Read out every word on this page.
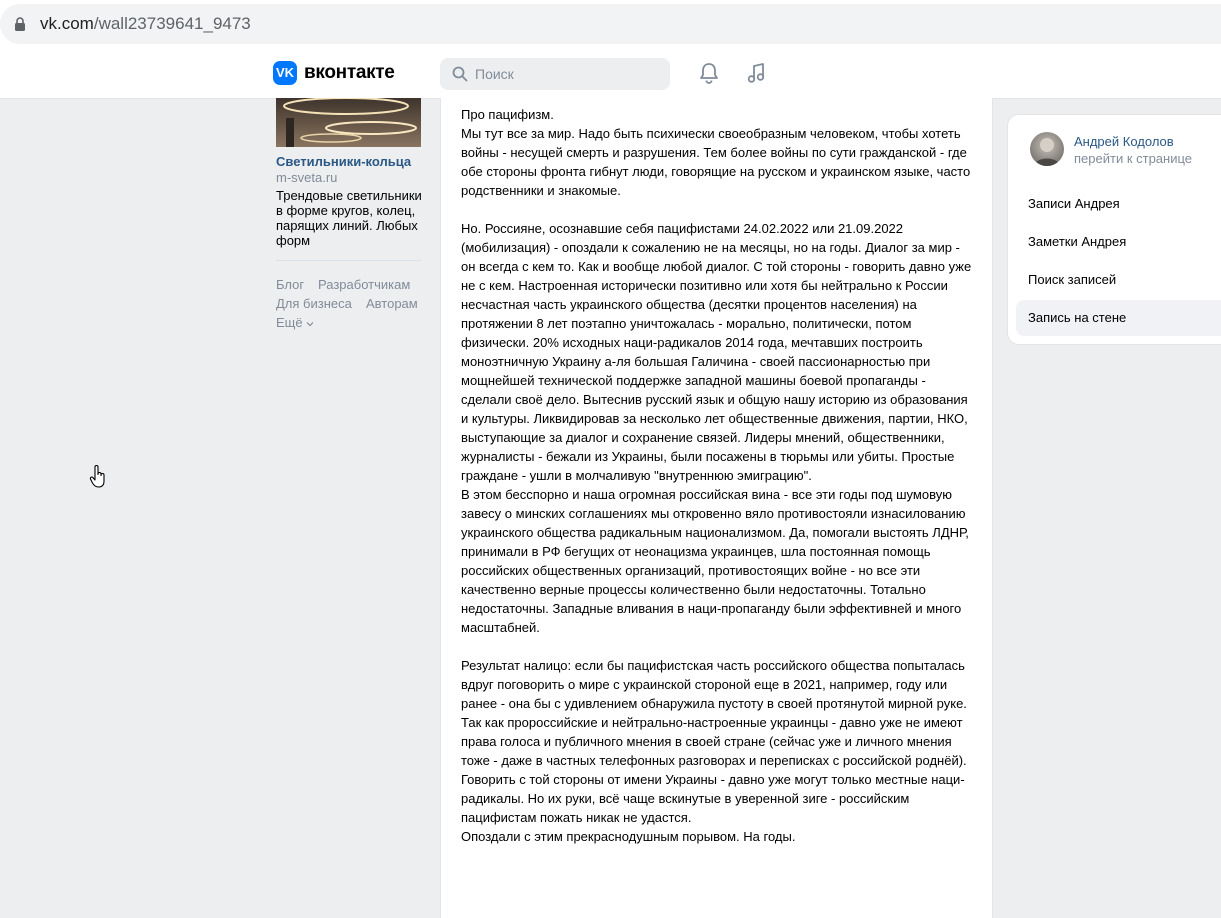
vk.com/wall23739641_9473
VK вконтакте
Поиск
Светильники-кольца
m-sveta.ru
Трендовые светильники в форме кругов, колец, парящих линий. Любых форм
Блог Разработчикам
Для бизнеса Авторам
Ещё

Про пацифизм.

Мы тут все за мир. Надо быть психически своеобразным человеком, чтобы хотеть войны - несущей смерть и разрушения. Тем более войны по сути гражданской - где обе стороны фронта гибнут люди, говорящие на русском и украинском языке, часто родственники и знакомые.

Но. Россияне, осознавшие себя пацифистами 24.02.2022 или 21.09.2022 (мобилизация) - опоздали к сожалению не на месяцы, но на годы. Диалог за мир - он всегда с кем то. Как и вообще любой диалог. С той стороны - говорить давно уже не с кем. Настроенная исторически позитивно или хотя бы нейтрально к России несчастная часть украинского общества (десятки процентов населения) на протяжении 8 лет поэтапно уничтожалась - морально, политически, потом физически. 20% исходных наци-радикалов 2014 года, мечтавших построить моноэтничную Украину а-ля большая Галичина - своей пассионарностью при мощнейшей технической поддержке западной машины боевой пропаганды - сделали своё дело. Вытеснив русский язык и общую нашу историю из образования и культуры. Ликвидировав за несколько лет общественные движения, партии, НКО, выступающие за диалог и сохранение связей. Лидеры мнений, общественники, журналисты - бежали из Украины, были посажены в тюрьмы или убиты. Простые граждане - ушли в молчаливую "внутреннюю эмиграцию".

В этом бесспорно и наша огромная российская вина - все эти годы под шумовую завесу о минских соглашениях мы откровенно вяло противостояли изнасилованию украинского общества радикальным национализмом. Да, помогали выстоять ЛДНР, принимали в РФ бегущих от неонацизма украинцев, шла постоянная помощь российских общественных организаций, противостоящих войне - но все эти качественно верные процессы количественно были недостаточны. Тотально недостаточны. Западные вливания в наци-пропаганду были эффективней и много масштабней.

Результат налицо: если бы пацифистская часть российского общества попыталась вдруг поговорить о мире с украинской стороной еще в 2021, например, году или ранее - она бы с удивлением обнаружила пустоту в своей протянутой мирной руке.

Так как пророссийские и нейтрально-настроенные украинцы - давно уже не имеют права голоса и публичного мнения в своей стране (сейчас уже и личного мнения тоже - даже в частных телефонных разговорах и переписках с российской роднёй).

Говорить с той стороны от имени Украины - давно уже могут только местные наци-радикалы. Но их руки, всё чаще вскинутые в уверенной зиге - российским пацифистам пожать никак не удастся.

Опоздали с этим прекраснодушным порывом. На годы.

Андрей Кодолов
перейти к странице
Записи Андрея
Заметки Андрея
Поиск записей
Запись на стене
